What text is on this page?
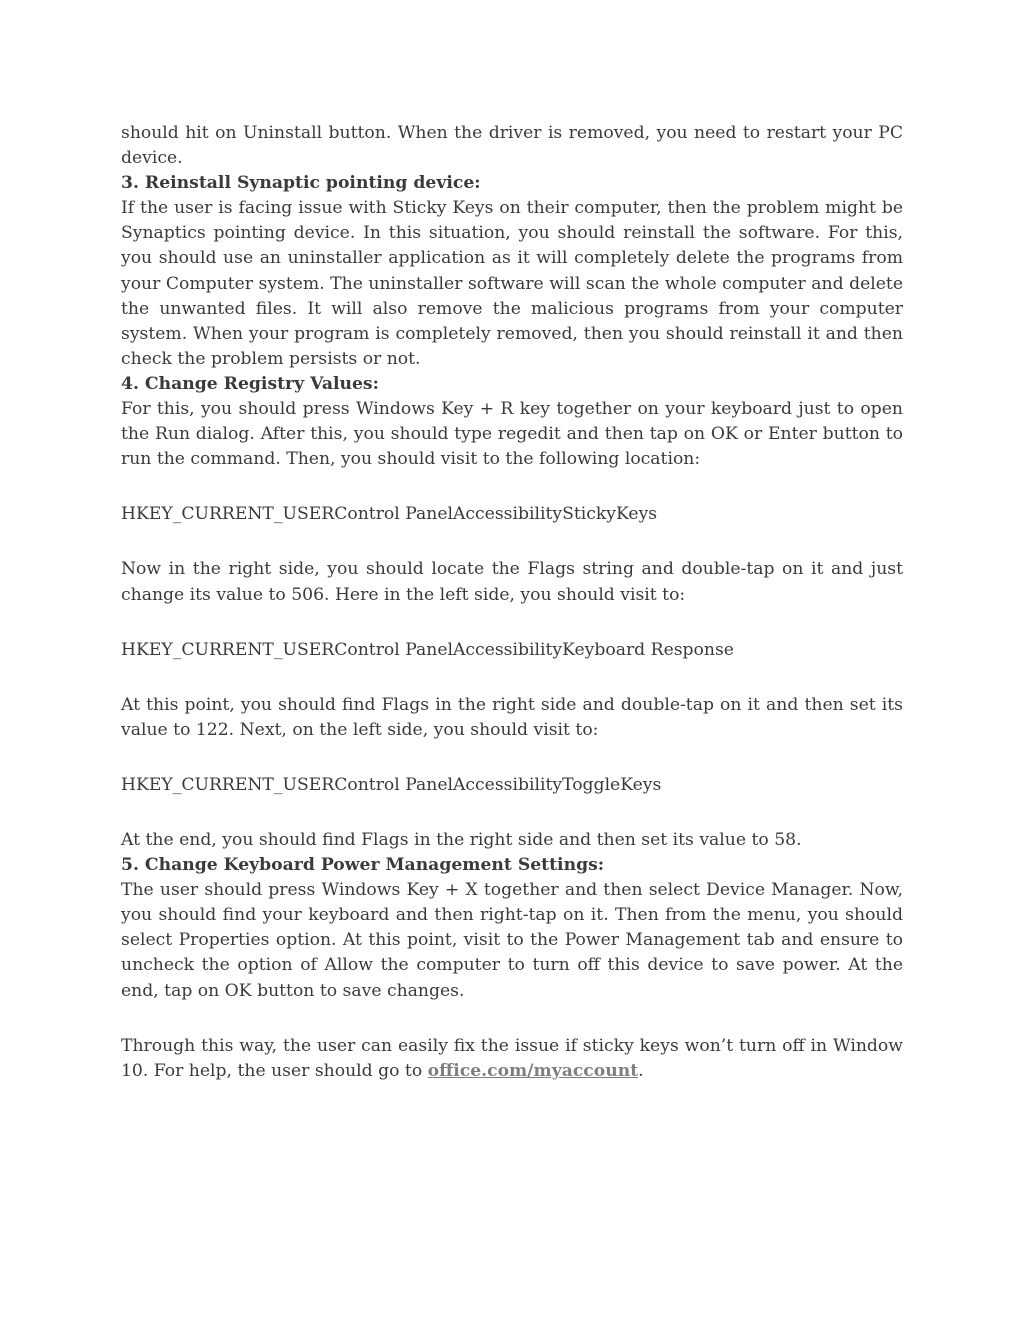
should hit on Uninstall button. When the driver is removed, you need to restart your PC device.

3. Reinstall Synaptic pointing device:

If the user is facing issue with Sticky Keys on their computer, then the problem might be Synaptics pointing device. In this situation, you should reinstall the software. For this, you should use an uninstaller application as it will completely delete the programs from your Computer system. The uninstaller software will scan the whole computer and delete the unwanted files. It will also remove the malicious programs from your computer system. When your program is completely removed, then you should reinstall it and then check the problem persists or not.

4. Change Registry Values:

For this, you should press Windows Key + R key together on your keyboard just to open the Run dialog. After this, you should type regedit and then tap on OK or Enter button to run the command. Then, you should visit to the following location:

HKEY_CURRENT_USERControl PanelAccessibilityStickyKeys

Now in the right side, you should locate the Flags string and double-tap on it and just change its value to 506. Here in the left side, you should visit to:

HKEY_CURRENT_USERControl PanelAccessibilityKeyboard Response

At this point, you should find Flags in the right side and double-tap on it and then set its value to 122. Next, on the left side, you should visit to:

HKEY_CURRENT_USERControl PanelAccessibilityToggleKeys

At the end, you should find Flags in the right side and then set its value to 58.

5. Change Keyboard Power Management Settings:

The user should press Windows Key + X together and then select Device Manager. Now, you should find your keyboard and then right-tap on it. Then from the menu, you should select Properties option. At this point, visit to the Power Management tab and ensure to uncheck the option of Allow the computer to turn off this device to save power. At the end, tap on OK button to save changes.

Through this way, the user can easily fix the issue if sticky keys won’t turn off in Window 10. For help, the user should go to office.com/myaccount.
